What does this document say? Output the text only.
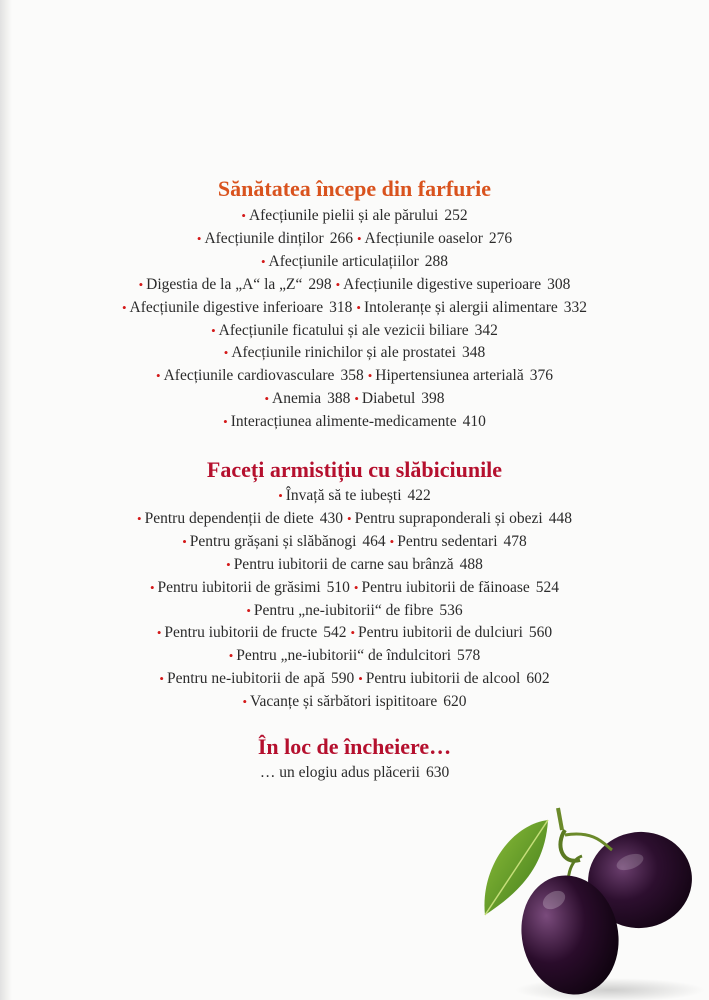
Sănătatea începe din farfurie
• Afecțiunile pielii și ale părului 252
• Afecțiunile dinților 266 • Afecțiunile oaselor 276
• Afecțiunile articulațiilor 288
• Digestia de la „A“ la „Z“ 298 • Afecțiunile digestive superioare 308
• Afecțiunile digestive inferioare 318 • Intoleranțe și alergii alimentare 332
• Afecțiunile ficatului și ale vezicii biliare 342
• Afecțiunile rinichilor și ale prostatei 348
• Afecțiunile cardiovasculare 358 • Hipertensiunea arterială 376
• Anemia 388 • Diabetul 398
• Interacțiunea alimente-medicamente 410
Faceți armistițiu cu slăbiciunile
• Învață să te iubești 422
• Pentru dependenții de diete 430 • Pentru supraponderali și obezi 448
• Pentru grășani și slăbănogi 464 • Pentru sedentari 478
• Pentru iubitorii de carne sau brânză 488
• Pentru iubitorii de grăsimi 510 • Pentru iubitorii de făinoase 524
• Pentru „ne-iubitorii“ de fibre 536
• Pentru iubitorii de fructe 542 • Pentru iubitorii de dulciuri 560
• Pentru „ne-iubitorii“ de îndulcitori 578
• Pentru ne-iubitorii de apă 590 • Pentru iubitorii de alcool 602
• Vacanțe și sărbători ispititoare 620
În loc de încheiere…
… un elogiu adus plăcerii 630
